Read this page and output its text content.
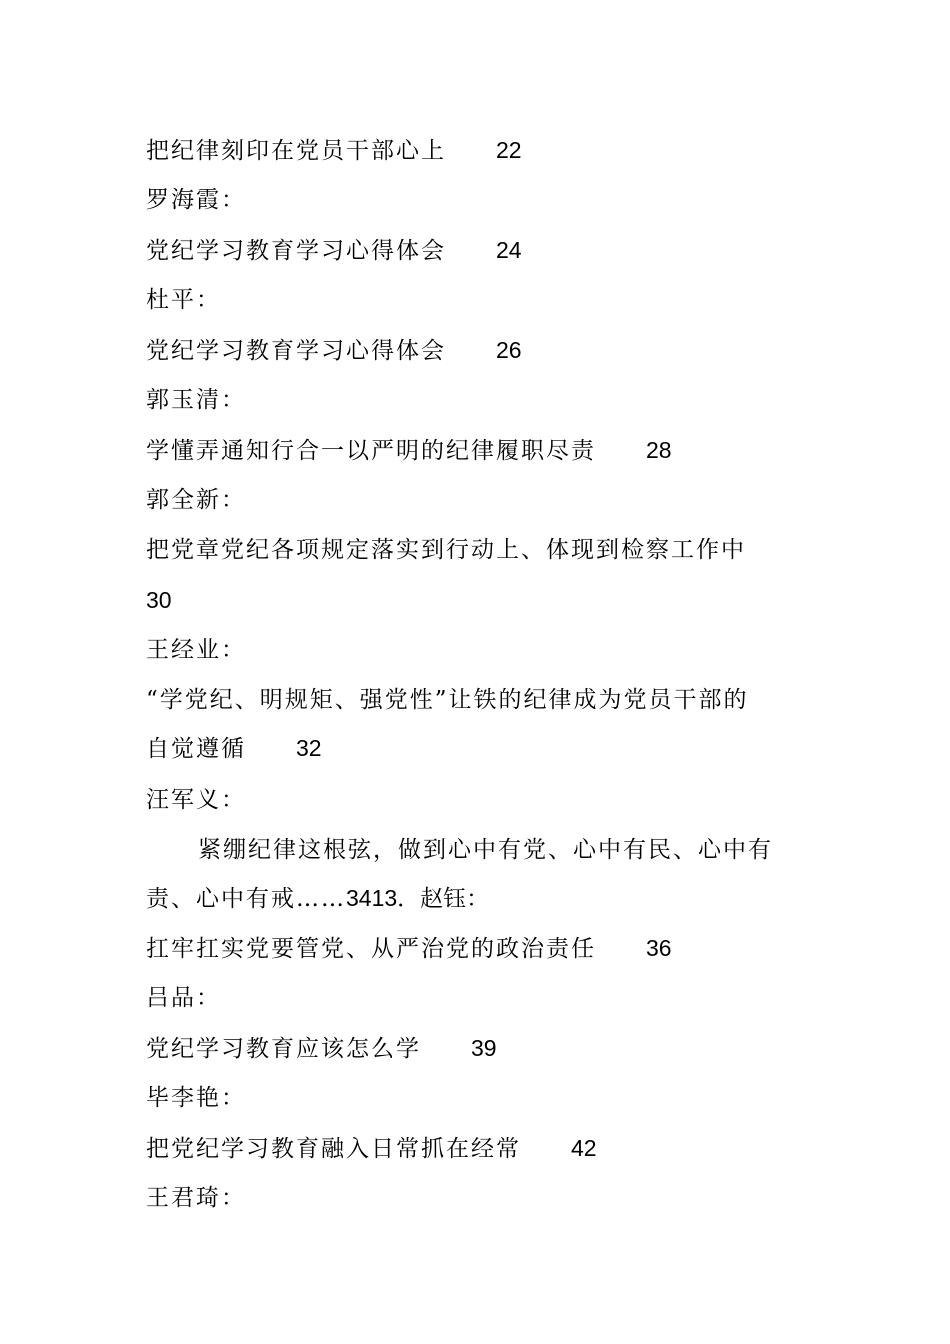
把纪律刻印在党员干部心上 22
罗海霞：
党纪学习教育学习心得体会 24
杜平：
党纪学习教育学习心得体会 26
郭玉清：
学懂弄通知行合一以严明的纪律履职尽责 28
郭全新：
把党章党纪各项规定落实到行动上、体现到检察工作中
30
王经业：
“学党纪、明规矩、强党性”让铁的纪律成为党员干部的
自觉遵循 32
汪军义：
紧绷纪律这根弦，做到心中有党、心中有民、心中有
责、心中有戒……3413．赵钰：
扛牢扛实党要管党、从严治党的政治责任 36
吕品：
党纪学习教育应该怎么学 39
毕李艳：
把党纪学习教育融入日常抓在经常 42
王君琦：
